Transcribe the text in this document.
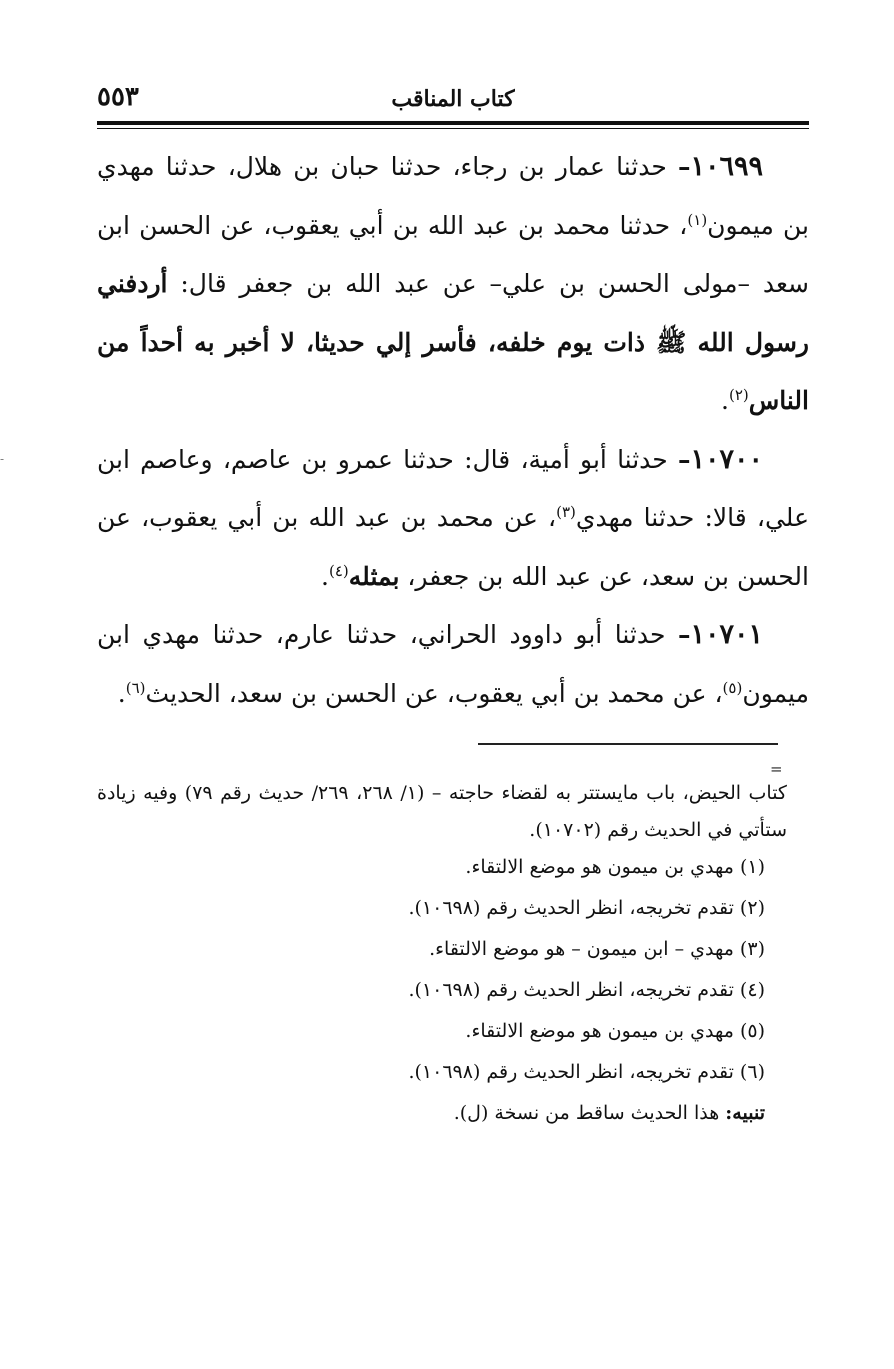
كتاب المناقب
٥٥٣

١٠٦٩٩– حدثنا عمار بن رجاء، حدثنا حبان بن هلال، حدثنا مهدي بن ميمون$^{(١)}$، حدثنا محمد بن عبد الله بن أبي يعقوب، عن الحسن ابن سعد –مولى الحسن بن علي– عن عبد الله بن جعفر قال: أردفني رسول الله ﷺ ذات يوم خلفه، فأسر إلي حديثا، لا أخبر به أحداً من الناس$^{(٢)}$.

١٠٧٠٠– حدثنا أبو أمية، قال: حدثنا عمرو بن عاصم، وعاصم ابن علي، قالا: حدثنا مهدي$^{(٣)}$، عن محمد بن عبد الله بن أبي يعقوب، عن الحسن بن سعد، عن عبد الله بن جعفر، بمثله$^{(٤)}$.

١٠٧٠١– حدثنا أبو داوود الحراني، حدثنا عارم، حدثنا مهدي ابن ميمون$^{(٥)}$، عن محمد بن أبي يعقوب، عن الحسن بن سعد، الحديث$^{(٦)}$.

=

كتاب الحيض، باب مايستتر به لقضاء حاجته – (١/ ٢٦٨، ٢٦٩/ حديث رقم ٧٩) وفيه زيادة ستأتي في الحديث رقم (١٠٧٠٢).

(١) مهدي بن ميمون هو موضع الالتقاء.

(٢) تقدم تخريجه، انظر الحديث رقم (١٠٦٩٨).

(٣) مهدي – ابن ميمون – هو موضع الالتقاء.

(٤) تقدم تخريجه، انظر الحديث رقم (١٠٦٩٨).

(٥) مهدي بن ميمون هو موضع الالتقاء.

(٦) تقدم تخريجه، انظر الحديث رقم (١٠٦٩٨).

تنبيه: هذا الحديث ساقط من نسخة (ل).

-
